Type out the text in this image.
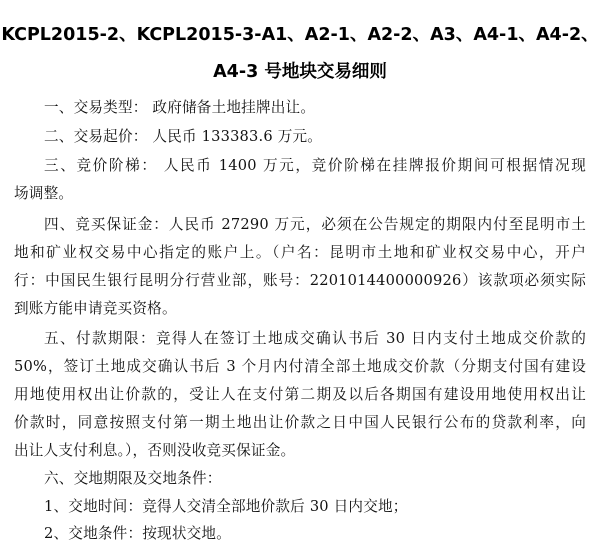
KCPL2015-2、KCPL2015-3-A1、A2-1、A2-2、A3、A4-1、A4-2、
A4-3 号地块交易细则
一、交易类型： 政府储备土地挂牌出让。
二、交易起价： 人民币 133383.6 万元。
三、竞价阶梯： 人民币 1400 万元，竞价阶梯在挂牌报价期间可根据情况现
场调整。
四、竞买保证金：人民币 27290 万元，必须在公告规定的期限内付至昆明市土
地和矿业权交易中心指定的账户上。（户名：昆明市土地和矿业权交易中心，开户
行：中国民生银行昆明分行营业部，账号：2201014400000926）该款项必须实际
到账方能申请竞买资格。
五、付款期限：竞得人在签订土地成交确认书后 30 日内支付土地成交价款的
50%，签订土地成交确认书后 3 个月内付清全部土地成交价款（分期支付国有建设
用地使用权出让价款的，受让人在支付第二期及以后各期国有建设用地使用权出让
价款时，同意按照支付第一期土地出让价款之日中国人民银行公布的贷款利率，向
出让人支付利息。），否则没收竞买保证金。
六、交地期限及交地条件：
1、交地时间：竞得人交清全部地价款后 30 日内交地；
2、交地条件：按现状交地。
